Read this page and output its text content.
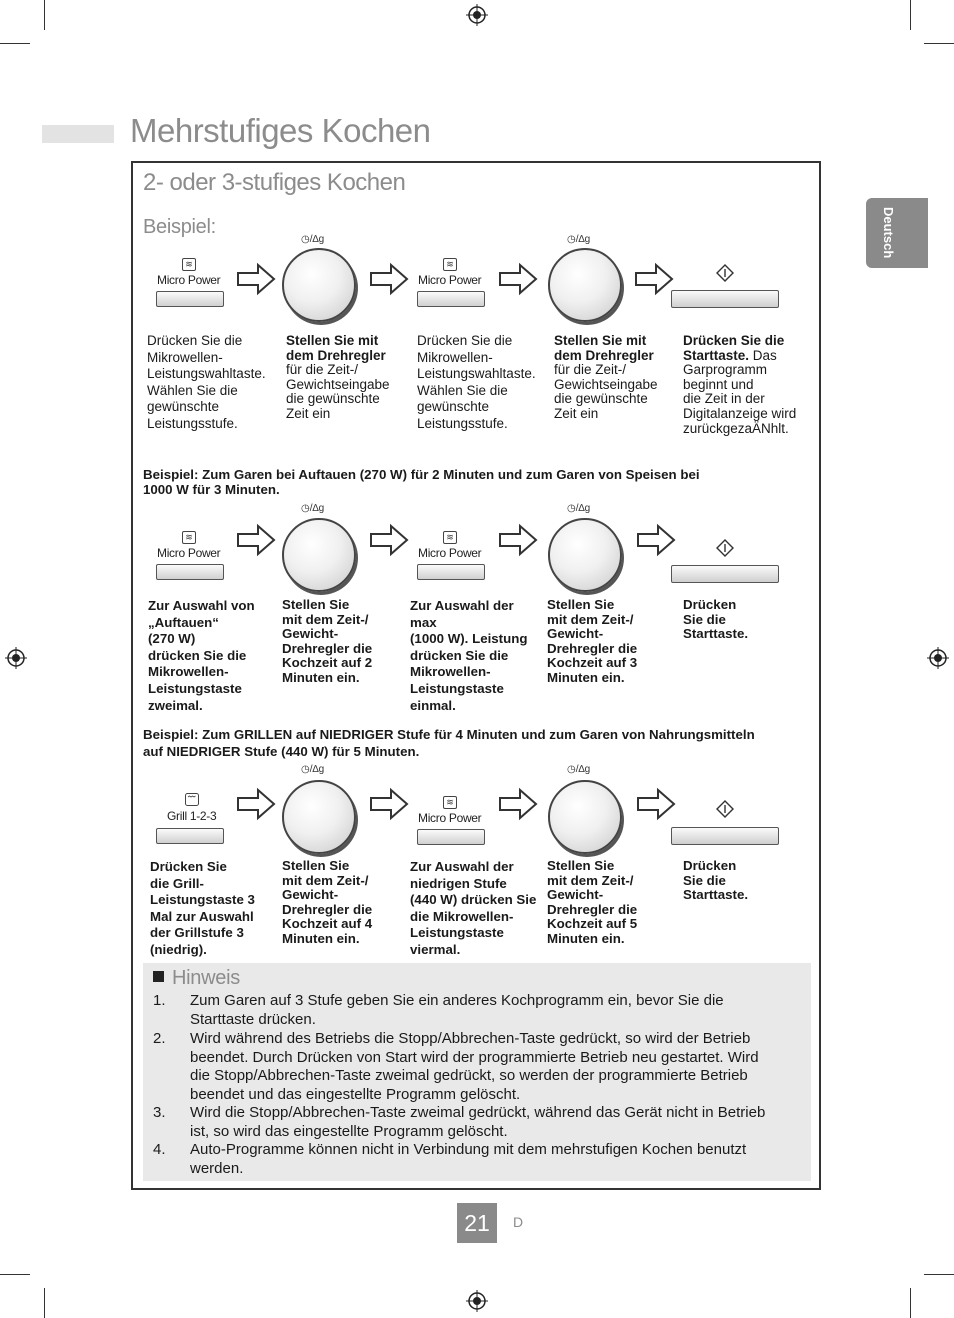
Mehrstufiges Kochen
Deutsch
2- oder 3-stufiges Kochen
Beispiel:
≋
Micro Power
◷/∆g
≋
Micro Power
◷/∆g
Drücken Sie die
Mikrowellen-
Leistungswahltaste.
Wählen Sie die
gewünschte
Leistungsstufe.
Stellen Sie mit
dem Drehregler
für die Zeit-/
Gewichtseingabe
die gewünschte
Zeit ein
Drücken Sie die
Mikrowellen-
Leistungswahltaste.
Wählen Sie die
gewünschte
Leistungsstufe.
Stellen Sie mit
dem Drehregler
für die Zeit-/
Gewichtseingabe
die gewünschte
Zeit ein
Drücken Sie die
Starttaste. Das
Garprogramm
beginnt und
die Zeit in der
Digitalanzeige wird
zurückgezaÄNhlt.
Beispiel: Zum Garen bei Auftauen (270 W) für 2 Minuten und zum Garen von Speisen bei
1000 W für 3 Minuten.
≋
Micro Power
◷/∆g
≋
Micro Power
◷/∆g
Zur Auswahl von
„Auftauen“
(270 W)
drücken Sie die
Mikrowellen-
Leistungstaste
zweimal.
Stellen Sie
mit dem Zeit-/
Gewicht-
Drehregler die
Kochzeit auf 2
Minuten ein.
Zur Auswahl der
max
(1000 W). Leistung
drücken Sie die
Mikrowellen-
Leistungstaste
einmal.
Stellen Sie
mit dem Zeit-/
Gewicht-
Drehregler die
Kochzeit auf 3
Minuten ein.
Drücken
Sie die
Starttaste.
Beispiel: Zum GRILLEN auf NIEDRIGER Stufe für 4 Minuten und zum Garen von Nahrungsmitteln
auf NIEDRIGER Stufe (440 W) für 5 Minuten.
Grill 1-2-3
◷/∆g
≋
Micro Power
◷/∆g
Drücken Sie
die Grill-
Leistungstaste 3
Mal zur Auswahl
der Grillstufe 3
(niedrig).
Stellen Sie
mit dem Zeit-/
Gewicht-
Drehregler die
Kochzeit auf 4
Minuten ein.
Zur Auswahl der
niedrigen Stufe
(440 W) drücken Sie
die Mikrowellen-
Leistungstaste
viermal.
Stellen Sie
mit dem Zeit-/
Gewicht-
Drehregler die
Kochzeit auf 5
Minuten ein.
Drücken
Sie die
Starttaste.
Hinweis
1. Zum Garen auf 3 Stufe geben Sie ein anderes Kochprogramm ein, bevor Sie die
Starttaste drücken.
2. Wird während des Betriebs die Stopp/Abbrechen-Taste gedrückt, so wird der Betrieb
beendet. Durch Drücken von Start wird der programmierte Betrieb neu gestartet. Wird
die Stopp/Abbrechen-Taste zweimal gedrückt, so werden der programmierte Betrieb
beendet und das eingestellte Programm gelöscht.
3. Wird die Stopp/Abbrechen-Taste zweimal gedrückt, während das Gerät nicht in Betrieb
ist, so wird das eingestellte Programm gelöscht.
4. Auto-Programme können nicht in Verbindung mit dem mehrstufigen Kochen benutzt
werden.
21	D
